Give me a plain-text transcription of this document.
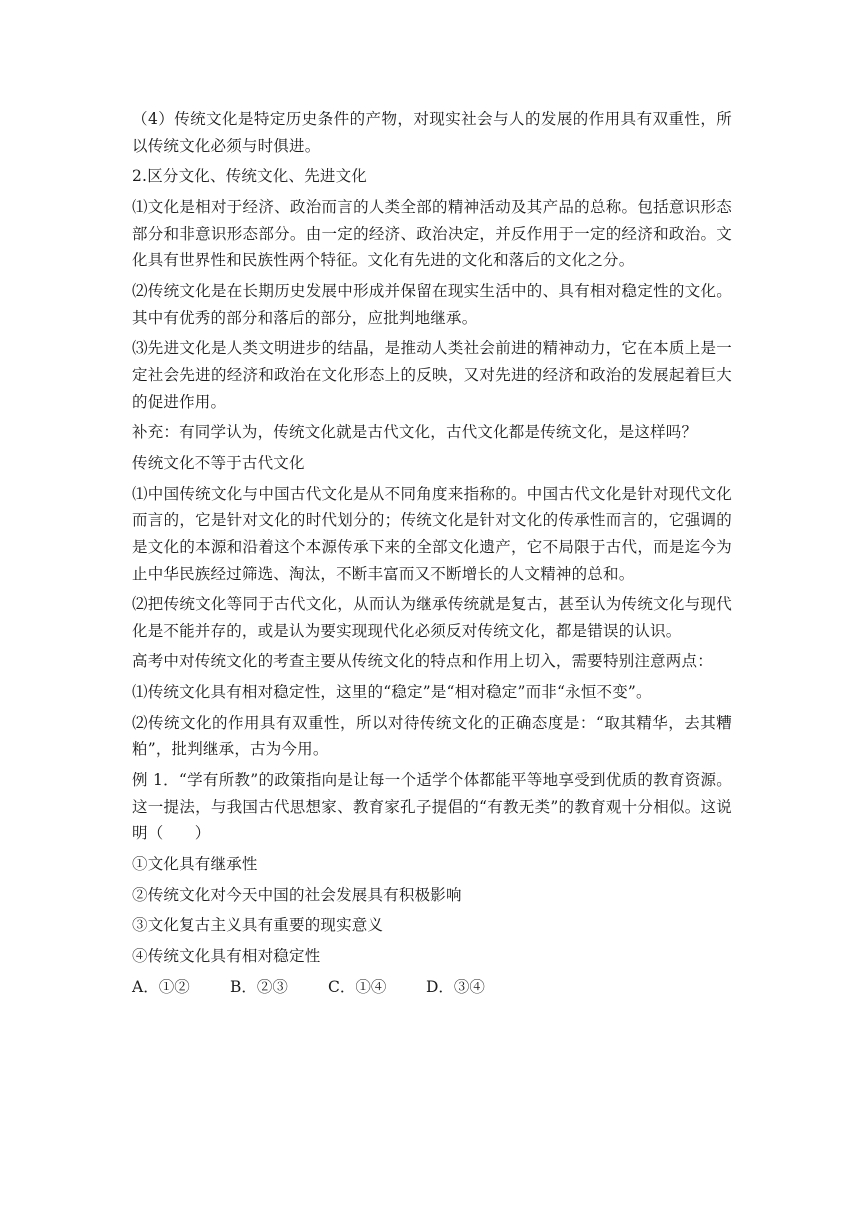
（4）传统文化是特定历史条件的产物，对现实社会与人的发展的作用具有双重性，所以传统文化必须与时俱进。

2.区分文化、传统文化、先进文化

⑴文化是相对于经济、政治而言的人类全部的精神活动及其产品的总称。包括意识形态部分和非意识形态部分。由一定的经济、政治决定，并反作用于一定的经济和政治。文化具有世界性和民族性两个特征。文化有先进的文化和落后的文化之分。

⑵传统文化是在长期历史发展中形成并保留在现实生活中的、具有相对稳定性的文化。其中有优秀的部分和落后的部分，应批判地继承。

⑶先进文化是人类文明进步的结晶，是推动人类社会前进的精神动力，它在本质上是一定社会先进的经济和政治在文化形态上的反映，又对先进的经济和政治的发展起着巨大的促进作用。

补充：有同学认为，传统文化就是古代文化，古代文化都是传统文化，是这样吗？

传统文化不等于古代文化

⑴中国传统文化与中国古代文化是从不同角度来指称的。中国古代文化是针对现代文化而言的，它是针对文化的时代划分的；传统文化是针对文化的传承性而言的，它强调的是文化的本源和沿着这个本源传承下来的全部文化遗产，它不局限于古代，而是迄今为止中华民族经过筛选、淘汰，不断丰富而又不断增长的人文精神的总和。

⑵把传统文化等同于古代文化，从而认为继承传统就是复古，甚至认为传统文化与现代化是不能并存的，或是认为要实现现代化必须反对传统文化，都是错误的认识。

高考中对传统文化的考查主要从传统文化的特点和作用上切入，需要特别注意两点：

⑴传统文化具有相对稳定性，这里的“稳定”是“相对稳定”而非“永恒不变”。

⑵传统文化的作用具有双重性，所以对待传统文化的正确态度是：“取其精华，去其糟粕”，批判继承，古为今用。

例 1．“学有所教”的政策指向是让每一个适学个体都能平等地享受到优质的教育资源。这一提法，与我国古代思想家、教育家孔子提倡的“有教无类”的教育观十分相似。这说明（　　）

①文化具有继承性

②传统文化对今天中国的社会发展具有积极影响

③文化复古主义具有重要的现实意义

④传统文化具有相对稳定性

A．①②	B．②③	C．①④	D．③④
